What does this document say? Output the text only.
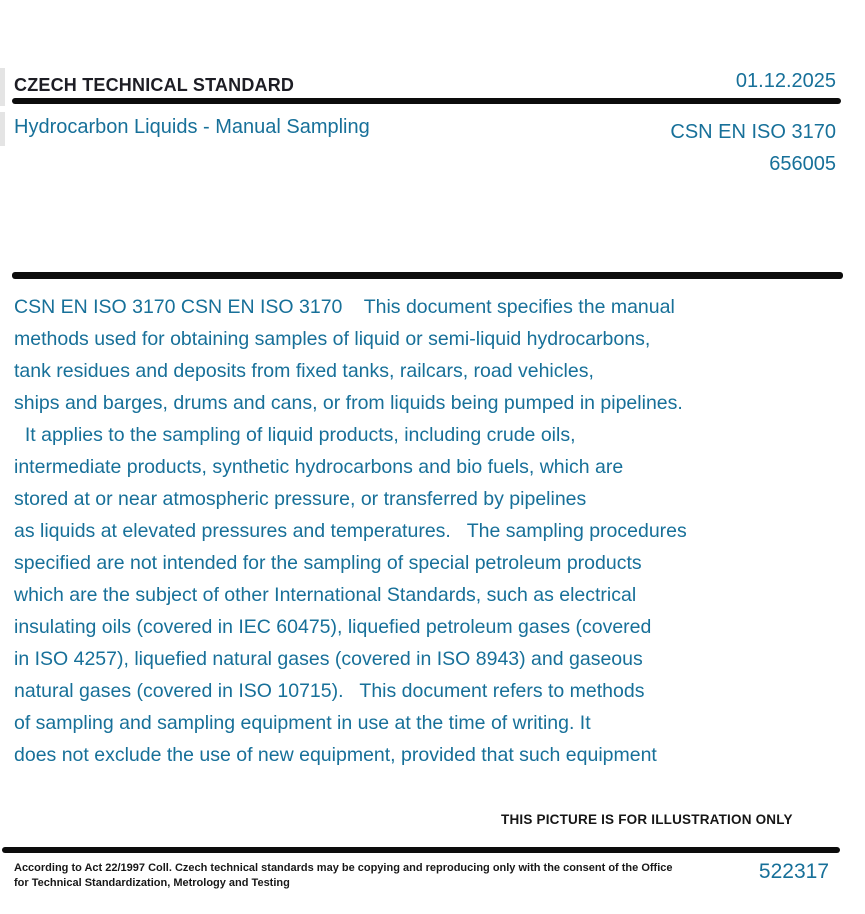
CZECH TECHNICAL STANDARD	01.12.2025
Hydrocarbon Liquids - Manual Sampling	CSN EN ISO 3170
656005
CSN EN ISO 3170 CSN EN ISO 3170    This document specifies the manual
methods used for obtaining samples of liquid or semi-liquid hydrocarbons,
tank residues and deposits from fixed tanks, railcars, road vehicles,
ships and barges, drums and cans, or from liquids being pumped in pipelines.
It applies to the sampling of liquid products, including crude oils,
intermediate products, synthetic hydrocarbons and bio fuels, which are
stored at or near atmospheric pressure, or transferred by pipelines
as liquids at elevated pressures and temperatures.   The sampling procedures
specified are not intended for the sampling of special petroleum products
which are the subject of other International Standards, such as electrical
insulating oils (covered in IEC 60475), liquefied petroleum gases (covered
in ISO 4257), liquefied natural gases (covered in ISO 8943) and gaseous
natural gases (covered in ISO 10715).   This document refers to methods
of sampling and sampling equipment in use at the time of writing. It
does not exclude the use of new equipment, provided that such equipment
THIS PICTURE IS FOR ILLUSTRATION ONLY
According to Act 22/1997 Coll. Czech technical standards may be copying and reproducing only with the consent of the Office
for Technical Standardization, Metrology and Testing	522317
